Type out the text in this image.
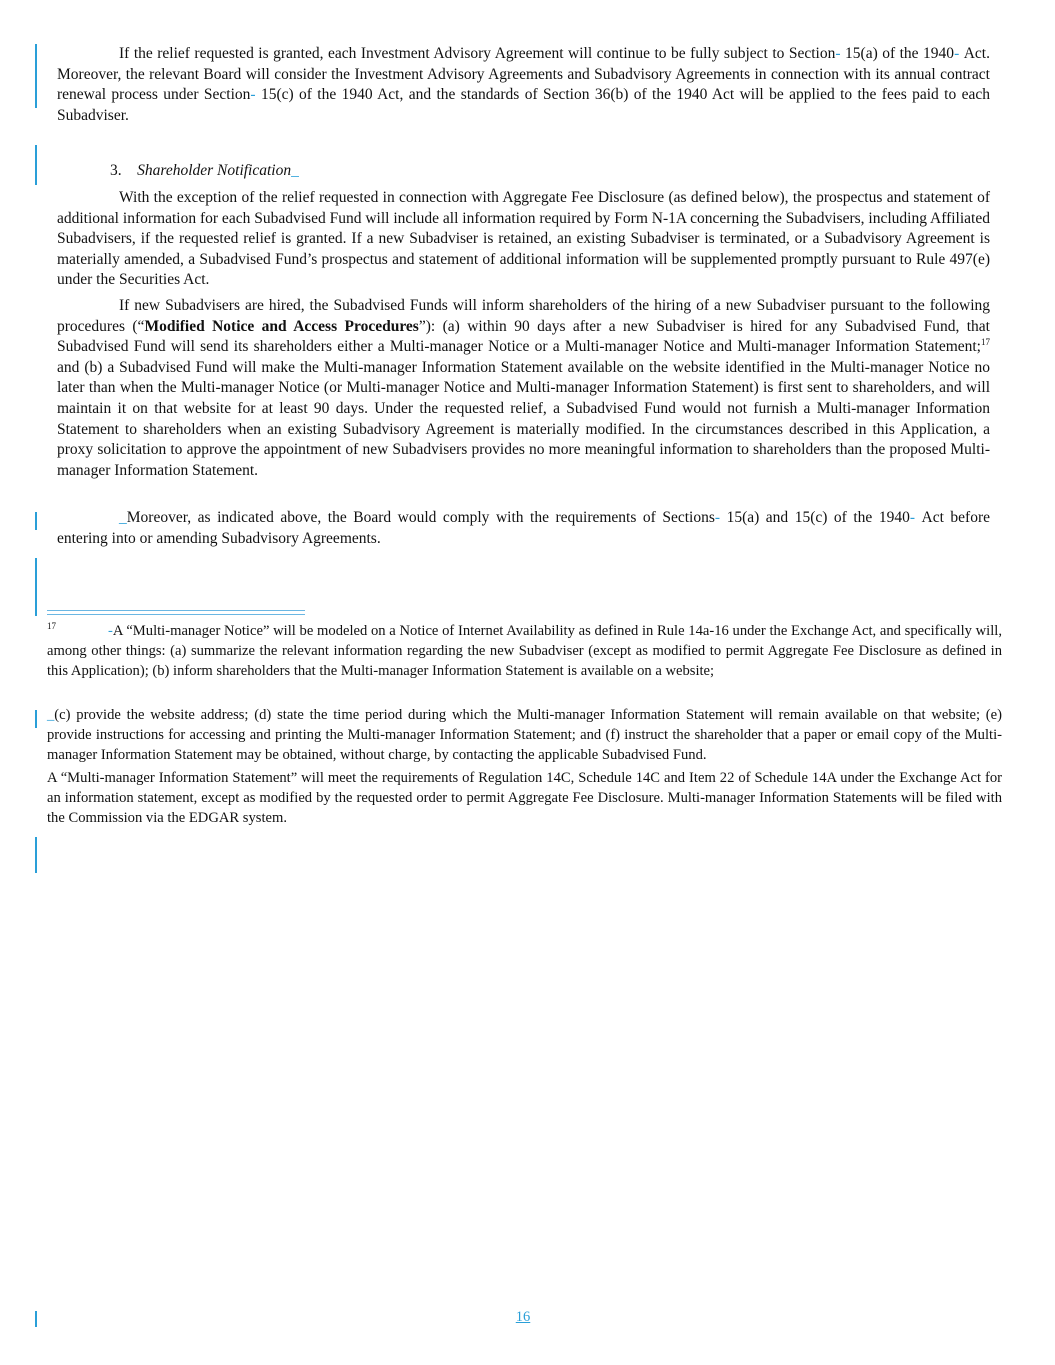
If the relief requested is granted, each Investment Advisory Agreement will continue to be fully subject to Section- 15(a) of the 1940- Act. Moreover, the relevant Board will consider the Investment Advisory Agreements and Subadvisory Agreements in connection with its annual contract renewal process under Section- 15(c) of the 1940 Act, and the standards of Section 36(b) of the 1940 Act will be applied to the fees paid to each Subadviser.

3. Shareholder Notification_

With the exception of the relief requested in connection with Aggregate Fee Disclosure (as defined below), the prospectus and statement of additional information for each Subadvised Fund will include all information required by Form N-1A concerning the Subadvisers, including Affiliated Subadvisers, if the requested relief is granted. If a new Subadviser is retained, an existing Subadviser is terminated, or a Subadvisory Agreement is materially amended, a Subadvised Fund’s prospectus and statement of additional information will be supplemented promptly pursuant to Rule 497(e) under the Securities Act.

If new Subadvisers are hired, the Subadvised Funds will inform shareholders of the hiring of a new Subadviser pursuant to the following procedures (“Modified Notice and Access Procedures”): (a) within 90 days after a new Subadviser is hired for any Subadvised Fund, that Subadvised Fund will send its shareholders either a Multi-manager Notice or a Multi-manager Notice and Multi-manager Information Statement;$^{17}$ and (b) a Subadvised Fund will make the Multi-manager Information Statement available on the website identified in the Multi-manager Notice no later than when the Multi-manager Notice (or Multi-manager Notice and Multi-manager Information Statement) is first sent to shareholders, and will maintain it on that website for at least 90 days. Under the requested relief, a Subadvised Fund would not furnish a Multi-manager Information Statement to shareholders when an existing Subadvisory Agreement is materially modified. In the circumstances described in this Application, a proxy solicitation to approve the appointment of new Subadvisers provides no more meaningful information to shareholders than the proposed Multi-manager Information Statement.

_Moreover, as indicated above, the Board would comply with the requirements of Sections- 15(a) and 15(c) of the 1940- Act before entering into or amending Subadvisory Agreements.

$^{17}$	-A “Multi-manager Notice” will be modeled on a Notice of Internet Availability as defined in Rule 14a-16 under the Exchange Act, and specifically will, among other things: (a) summarize the relevant information regarding the new Subadviser (except as modified to permit Aggregate Fee Disclosure as defined in this Application); (b) inform shareholders that the Multi-manager Information Statement is available on a website;

_(c) provide the website address; (d) state the time period during which the Multi-manager Information Statement will remain available on that website; (e) provide instructions for accessing and printing the Multi-manager Information Statement; and (f) instruct the shareholder that a paper or email copy of the Multi-manager Information Statement may be obtained, without charge, by contacting the applicable Subadvised Fund.

A “Multi-manager Information Statement” will meet the requirements of Regulation 14C, Schedule 14C and Item 22 of Schedule 14A under the Exchange Act for an information statement, except as modified by the requested order to permit Aggregate Fee Disclosure. Multi-manager Information Statements will be filed with the Commission via the EDGAR system.

16
